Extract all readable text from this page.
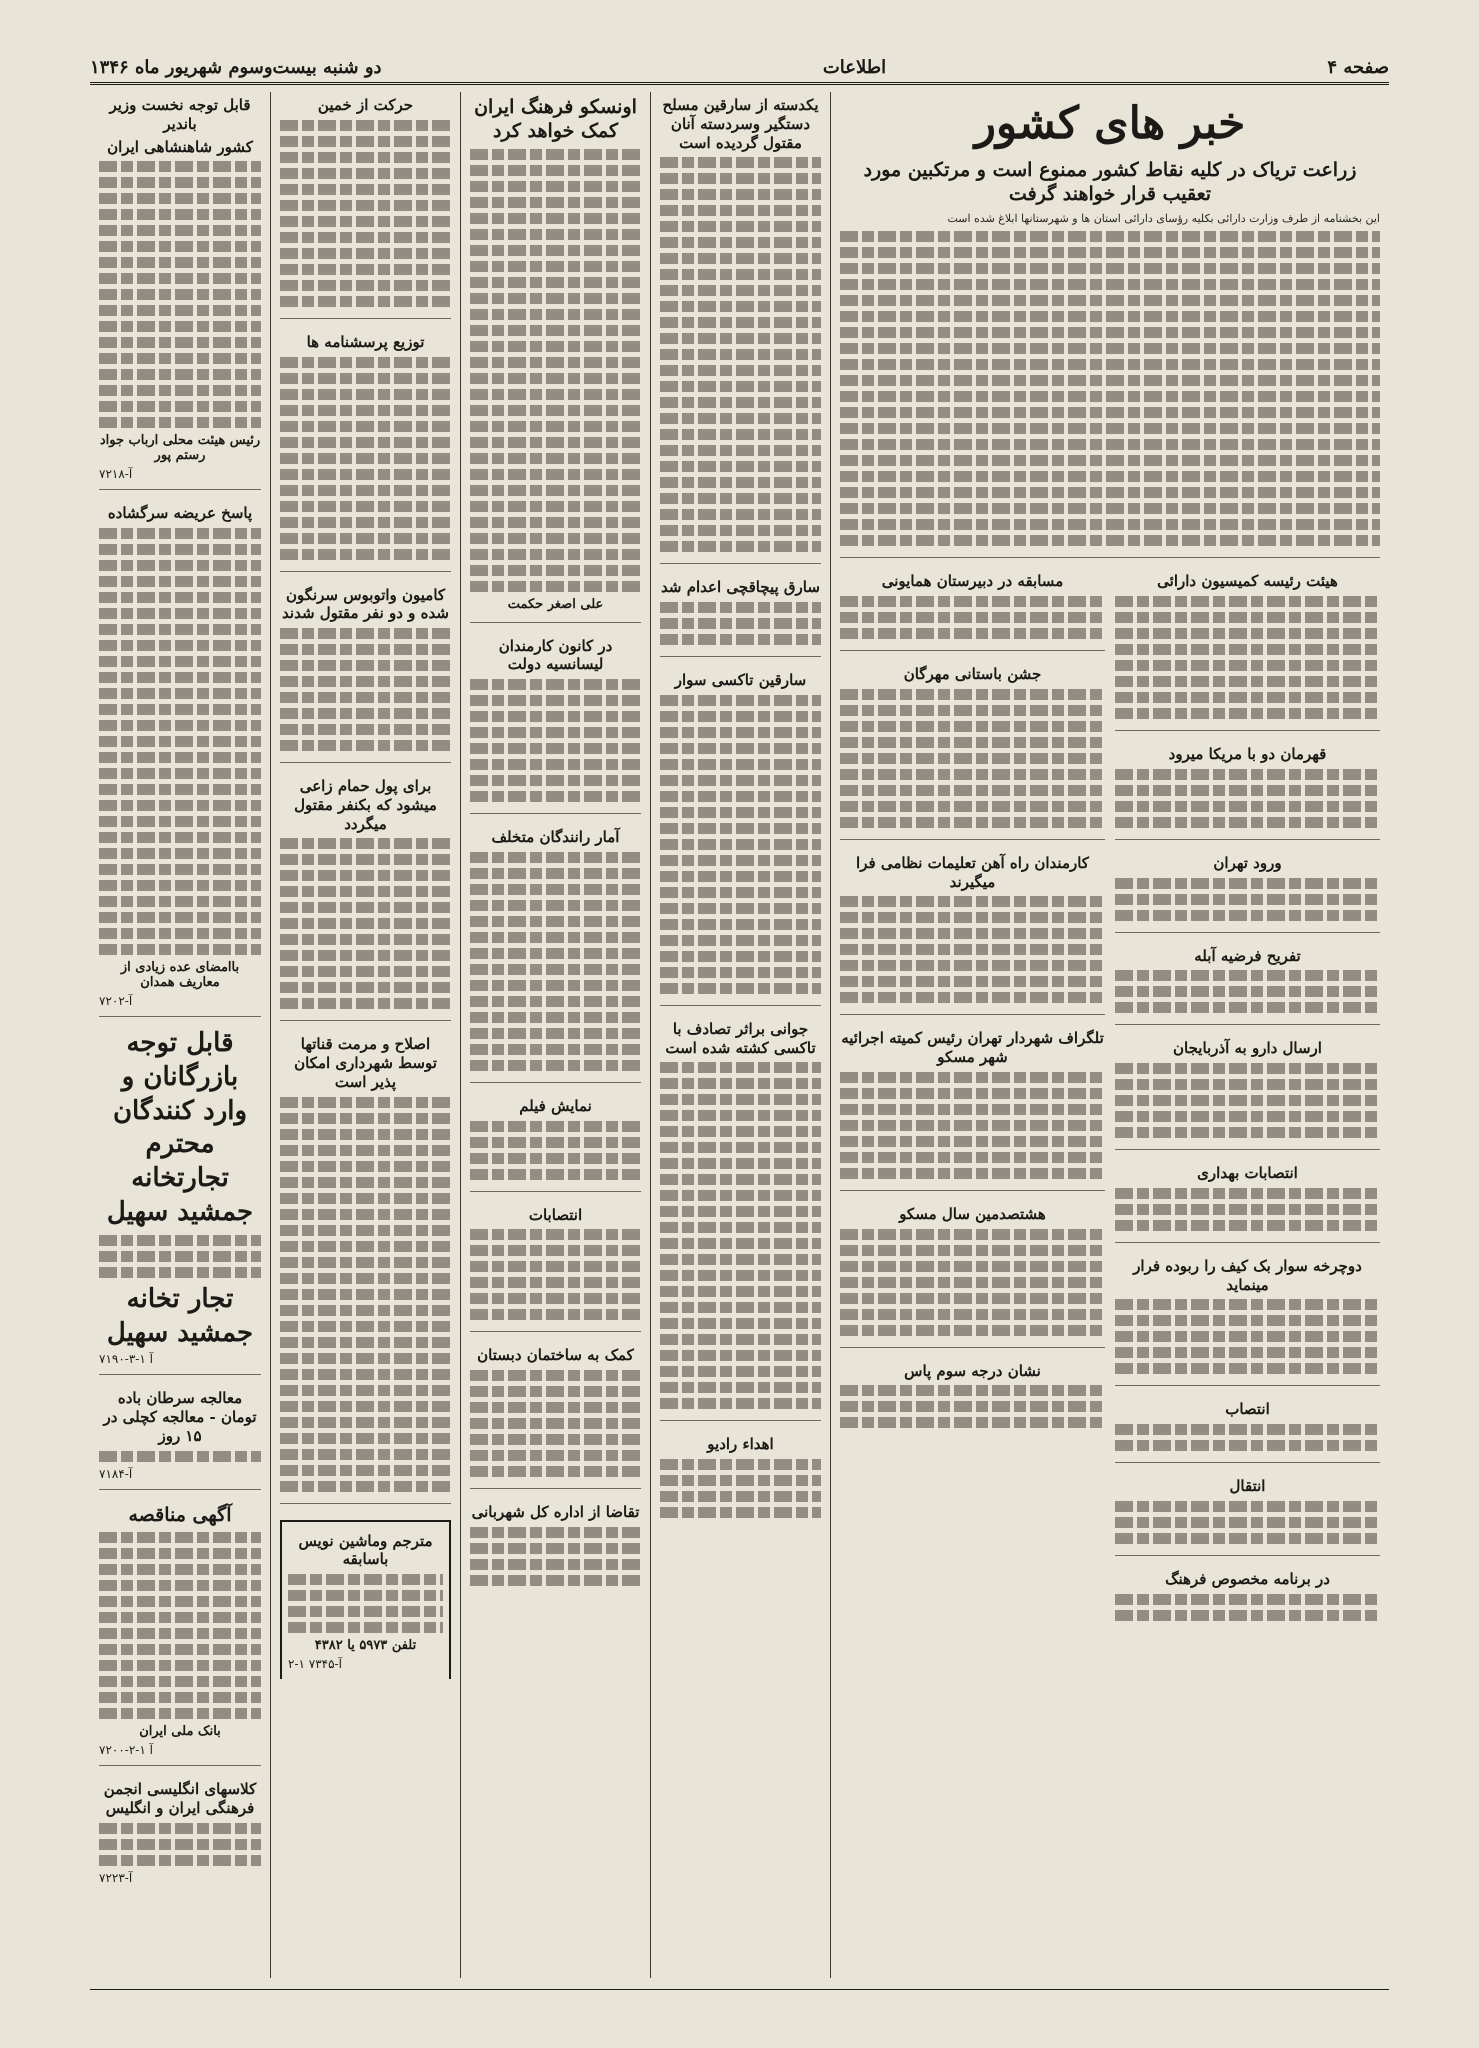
صفحه ۴
اطلاعات
دو شنبه بیست‌وسوم شهریور ماه ۱۳۴۶
خبر های کشور
زراعت تریاک در کلیه نقاط کشور ممنوع است و مرتکبین مورد تعقیب قرار خواهند گرفت
این بخشنامه از طرف وزارت دارائی بکلیه رؤسای دارائی استان ها و شهرستانها ابلاغ شده است
هیئت رئیسه کمیسیون دارائی
قهرمان دو با مریکا میرود
ورود تهران
تفریح فرضیه آبله
ارسال دارو به آذربایجان
انتصابات بهداری
دوچرخه سوار بک کیف را ربوده فرار مینماید
انتصاب
انتقال
در برنامه مخصوص فرهنگ
مسابقه در دبیرستان همایونی
جشن باستانی مهرگان
کارمندان راه آهن تعلیمات نظامی فرا میگیرند
تلگراف شهردار تهران رئیس کمیته اجرائیه شهر مسکو
هشتصدمین سال مسکو
نشان درجه سوم پاس
یکدسته از سارقین مسلح دستگیر وسردسته آنان مقتول گردیده است
سارق پیچاقچی اعدام شد
سارقین تاکسی سوار
جوانی براثر تصادف با تاکسی کشته شده است
اهداء رادیو
اونسکو فرهنگ ایران کمک خواهد کرد
علی اصغر حکمت
در کانون کارمندان لیسانسیه دولت
آمار رانندگان متخلف
نمایش فیلم
انتصابات
کمک به ساختمان دبستان
تقاضا از اداره کل شهربانی
حرکت از خمین
توزیع پرسشنامه ها
کامیون واتوبوس سرنگون شده و دو نفر مقتول شدند
برای پول حمام زاعی میشود که بکنفر مقتول میگردد
اصلاح و مرمت قناتها توسط شهرداری امکان پذیر است
مترجم وماشین نویس باسابقه
تلفن ۵۹۷۳ یا ۴۳۸۲
۲-۱ ۷۳۴۵-آ
قابل توجه نخست وزیر باندیر
کشور شاهنشاهی ایران
رئیس هیئت محلی ارباب جواد رستم پور
۷۲۱۸-آ
پاسخ عریضه سرگشاده
باامضای عده زیادی از معاریف همدان
۷۲۰۲-آ
قابل توجه بازرگانان و
وارد کنندگان محترم
تجارتخانه جمشید سهیل
تجار تخانه جمشید سهیل
۷۱۹۰-آ ۱-۳
معالجه سرطان باده تومان - معالجه کچلی در ۱۵ روز
۷۱۸۴-آ
آگهی مناقصه
بانک ملی ایران
۷۲۰۰-آ ۱-۲
کلاسهای انگلیسی انجمن فرهنگی ایران و انگلیس
۷۲۲۳-آ
